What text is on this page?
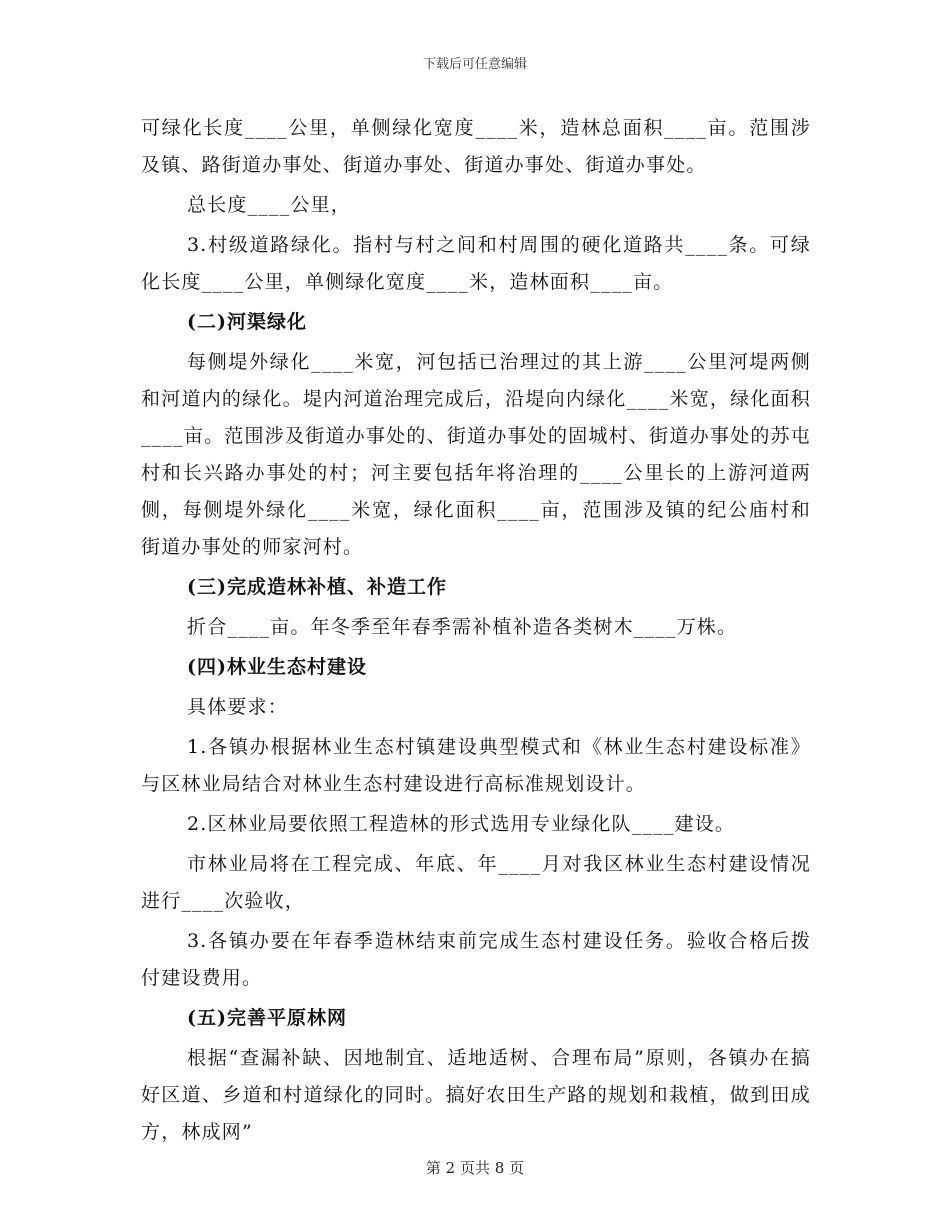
下载后可任意编辑

可绿化长度____公里，单侧绿化宽度____米，造林总面积____亩。范围涉及镇、路街道办事处、街道办事处、街道办事处、街道办事处。

总长度____公里，

3.村级道路绿化。指村与村之间和村周围的硬化道路共____条。可绿化长度____公里，单侧绿化宽度____米，造林面积____亩。

(二)河渠绿化

每侧堤外绿化____米宽，河包括已治理过的其上游____公里河堤两侧和河道内的绿化。堤内河道治理完成后，沿堤向内绿化____米宽，绿化面积____亩。范围涉及街道办事处的、街道办事处的固城村、街道办事处的苏屯村和长兴路办事处的村；河主要包括年将治理的____公里长的上游河道两侧，每侧堤外绿化____米宽，绿化面积____亩，范围涉及镇的纪公庙村和街道办事处的师家河村。

(三)完成造林补植、补造工作

折合____亩。年冬季至年春季需补植补造各类树木____万株。

(四)林业生态村建设

具体要求：

1.各镇办根据林业生态村镇建设典型模式和《林业生态村建设标准》与区林业局结合对林业生态村建设进行高标准规划设计。

2.区林业局要依照工程造林的形式选用专业绿化队____建设。

市林业局将在工程完成、年底、年____月对我区林业生态村建设情况进行____次验收，

3.各镇办要在年春季造林结束前完成生态村建设任务。验收合格后拨付建设费用。

(五)完善平原林网

根据“查漏补缺、因地制宜、适地适树、合理布局”原则，各镇办在搞好区道、乡道和村道绿化的同时。搞好农田生产路的规划和栽植，做到田成方，林成网”

第 2 页共 8 页
